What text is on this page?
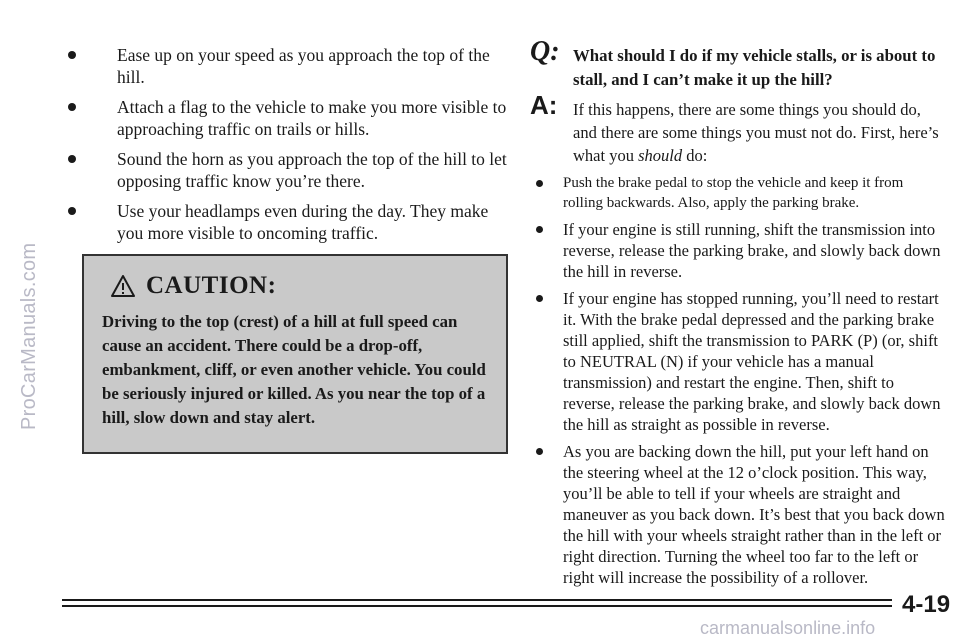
ProCarManuals.com
Ease up on your speed as you approach the top of the hill.
Attach a flag to the vehicle to make you more visible to approaching traffic on trails or hills.
Sound the horn as you approach the top of the hill to let opposing traffic know you’re there.
Use your headlamps even during the day. They make you more visible to oncoming traffic.
CAUTION:
Driving to the top (crest) of a hill at full speed can cause an accident. There could be a drop-off, embankment, cliff, or even another vehicle. You could be seriously injured or killed. As you near the top of a hill, slow down and stay alert.
Q: What should I do if my vehicle stalls, or is about to stall, and I can’t make it up the hill?
A: If this happens, there are some things you should do, and there are some things you must not do. First, here’s what you should do:
Push the brake pedal to stop the vehicle and keep it from rolling backwards. Also, apply the parking brake.
If your engine is still running, shift the transmission into reverse, release the parking brake, and slowly back down the hill in reverse.
If your engine has stopped running, you’ll need to restart it. With the brake pedal depressed and the parking brake still applied, shift the transmission to PARK (P) (or, shift to NEUTRAL (N) if your vehicle has a manual transmission) and restart the engine. Then, shift to reverse, release the parking brake, and slowly back down the hill as straight as possible in reverse.
As you are backing down the hill, put your left hand on the steering wheel at the 12 o’clock position. This way, you’ll be able to tell if your wheels are straight and maneuver as you back down. It’s best that you back down the hill with your wheels straight rather than in the left or right direction. Turning the wheel too far to the left or right will increase the possibility of a rollover.
4-19
carmanualsonline.info
